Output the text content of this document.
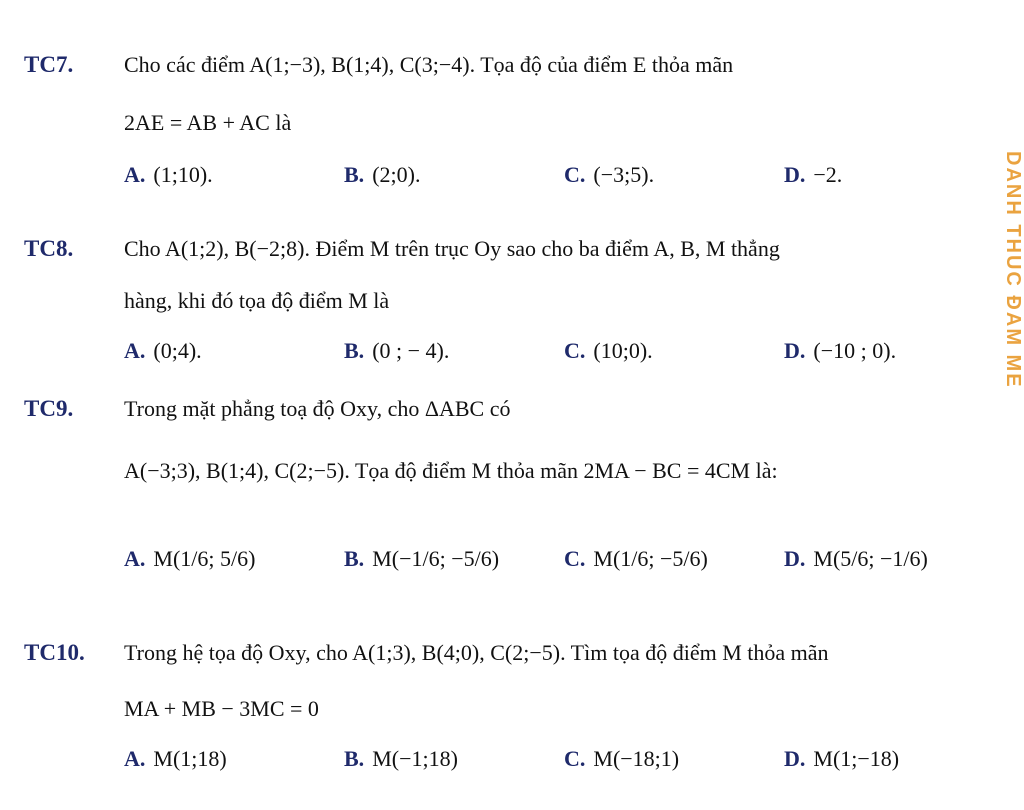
DANH THUC ĐAM ME
TC7. Cho các điểm A(1;−3), B(1;4), C(3;−4). Tọa độ của điểm E thỏa mãn
2AE = AB + AC là
A. (1;10).	B. (2;0).	C. (−3;5).	D. −2.
TC8. Cho A(1;2), B(−2;8). Điểm M trên trục Oy sao cho ba điểm A, B, M thẳng
hàng, khi đó tọa độ điểm M là
A. (0;4).	B. (0 ; − 4).	C. (10;0).	D. (−10 ; 0).
TC9. Trong mặt phẳng toạ độ Oxy, cho ΔABC có
A(−3;3), B(1;4), C(2;−5). Tọa độ điểm M thỏa mãn 2MA − BC = 4CM là:
A. M(1/6; 5/6)	B. M(−1/6; −5/6)	C. M(1/6; −5/6)	D. M(5/6; −1/6)
TC10. Trong hệ tọa độ Oxy, cho A(1;3), B(4;0), C(2;−5). Tìm tọa độ điểm M thỏa mãn
MA + MB − 3MC = 0
A. M(1;18)	B. M(−1;18)	C. M(−18;1)	D. M(1;−18)
